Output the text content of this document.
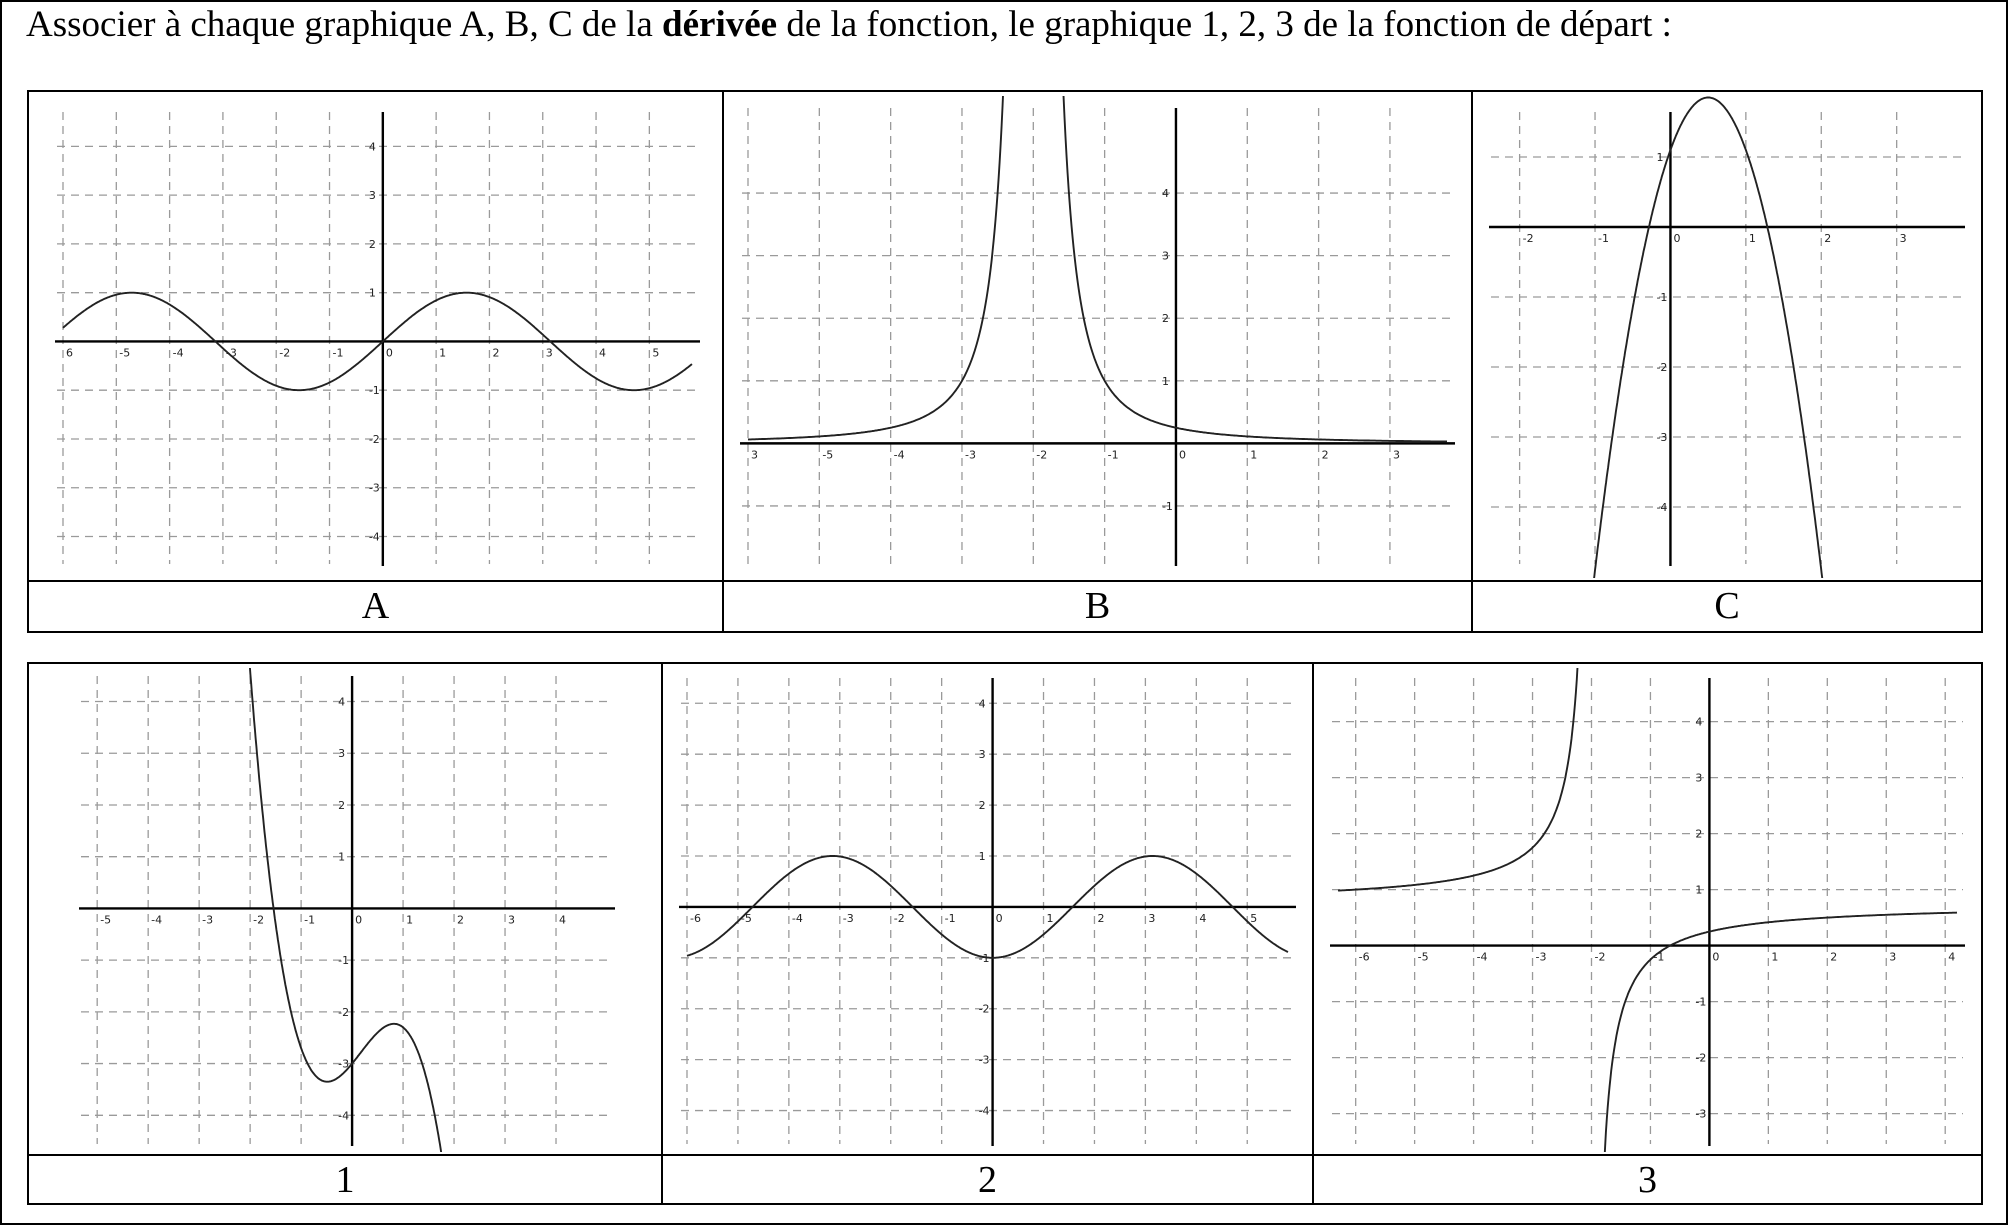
Associer à chaque graphique A, B, C de la dérivée de la fonction, le graphique 1, 2, 3 de la fonction de départ :
6	-5	-4	-3	-2	-1	0	1	2	3	4	5
-4
-3
-2
-1
1
2
3
4
3	-5	-4	-3	-2	-1	0	1	2	3
-1
1
2
3
4
-2	-1	0	1	2	3
-4
-3
-2
-1
1
A	B	C
-5	-4	-3	-2	-1	0	1	2	3	4
-4
-3
-2
-1
1
2
3
4
-6	-5	-4	-3	-2	-1	0	1	2	3	4	5
-4
-3
-2
-1
1
2
3
4
-6	-5	-4	-3	-2	-1	0	1	2	3	4
-3
-2
-1
1
2
3
4
1	2	3
